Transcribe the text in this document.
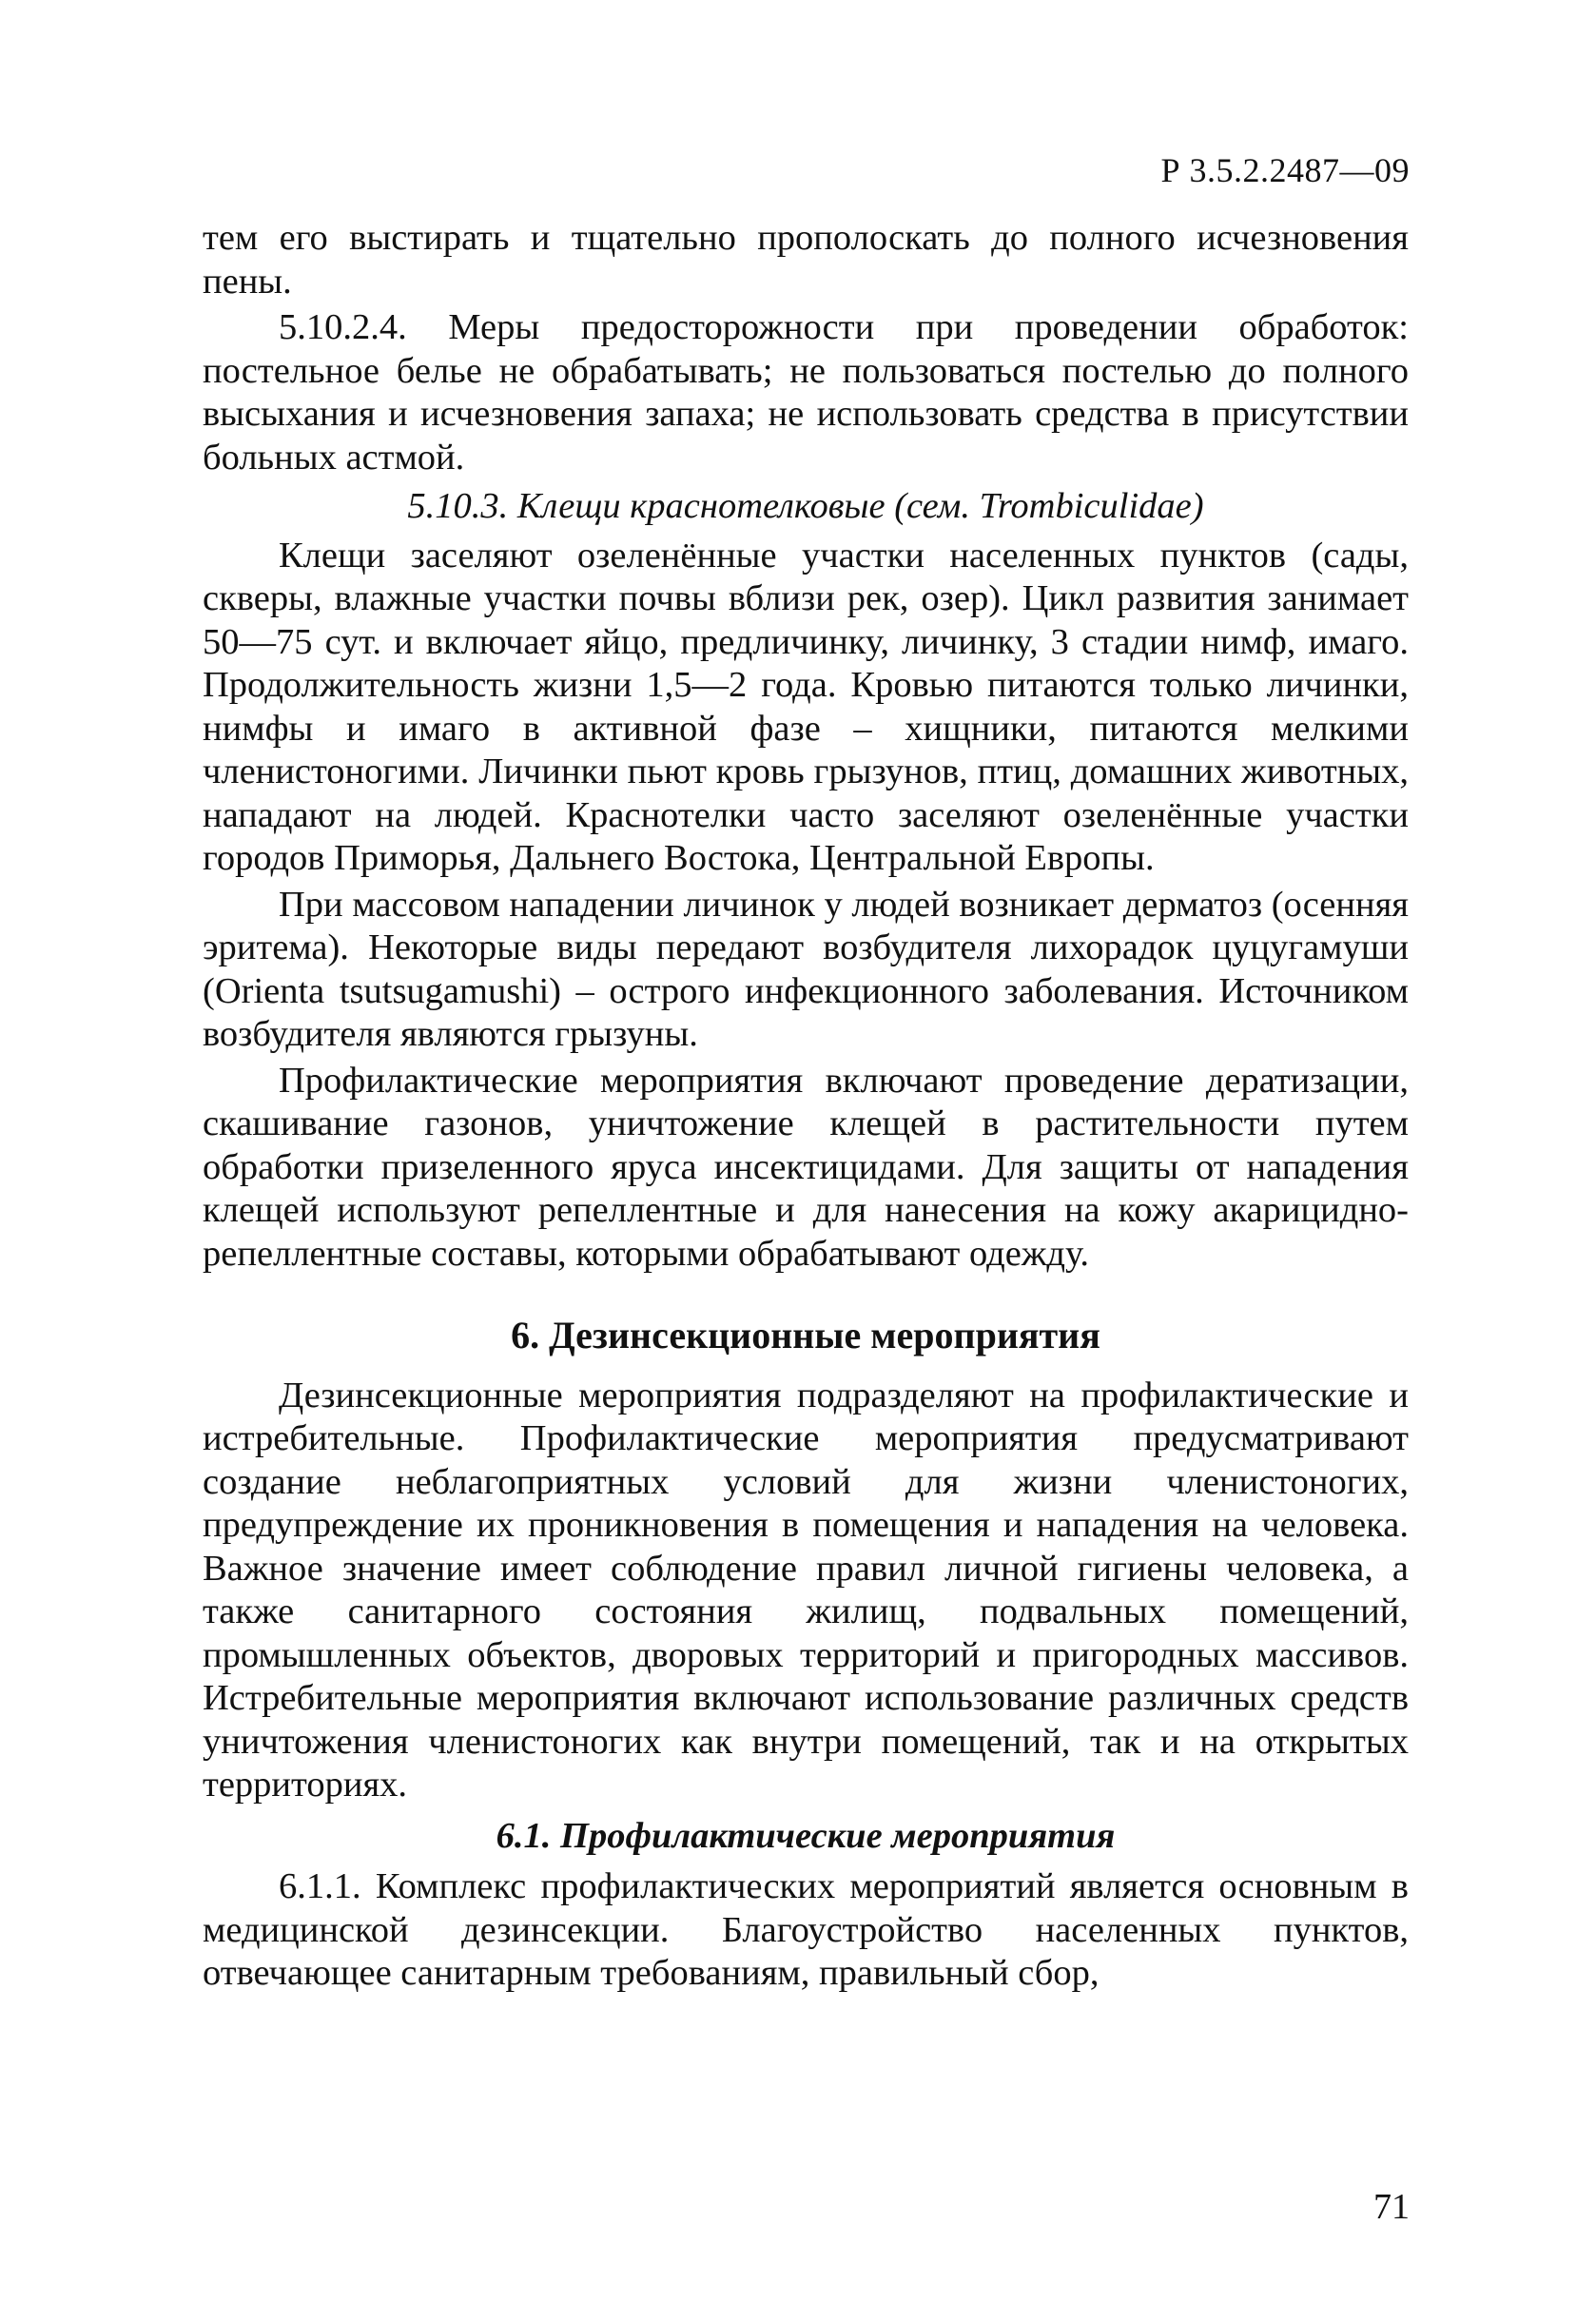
Р 3.5.2.2487—09

тем его выстирать и тщательно прополоскать до полного исчезновения пены.

5.10.2.4. Меры предосторожности при проведении обработок: постельное белье не обрабатывать; не пользоваться постелью до полного высыхания и исчезновения запаха; не использовать средства в присутствии больных астмой.

5.10.3. Клещи краснотелковые (сем. Trombiculidae)

Клещи заселяют озеленённые участки населенных пунктов (сады, скверы, влажные участки почвы вблизи рек, озер). Цикл развития занимает 50—75 сут. и включает яйцо, предличинку, личинку, 3 стадии нимф, имаго. Продолжительность жизни 1,5—2 года. Кровью питаются только личинки, нимфы и имаго в активной фазе – хищники, питаются мелкими членистоногими. Личинки пьют кровь грызунов, птиц, домашних животных, нападают на людей. Краснотелки часто заселяют озеленённые участки городов Приморья, Дальнего Востока, Центральной Европы.

При массовом нападении личинок у людей возникает дерматоз (осенняя эритема). Некоторые виды передают возбудителя лихорадок цуцугамуши (Orienta tsutsugamushi) – острого инфекционного заболевания. Источником возбудителя являются грызуны.

Профилактические мероприятия включают проведение дератизации, скашивание газонов, уничтожение клещей в растительности путем обработки призеленного яруса инсектицидами. Для защиты от нападения клещей используют репеллентные и для нанесения на кожу акарицидно-репеллентные составы, которыми обрабатывают одежду.

6. Дезинсекционные мероприятия

Дезинсекционные мероприятия подразделяют на профилактические и истребительные. Профилактические мероприятия предусматривают создание неблагоприятных условий для жизни членистоногих, предупреждение их проникновения в помещения и нападения на человека. Важное значение имеет соблюдение правил личной гигиены человека, а также санитарного состояния жилищ, подвальных помещений, промышленных объектов, дворовых территорий и пригородных массивов. Истребительные мероприятия включают использование различных средств уничтожения членистоногих как внутри помещений, так и на открытых территориях.

6.1. Профилактические мероприятия

6.1.1. Комплекс профилактических мероприятий является основным в медицинской дезинсекции. Благоустройство населенных пунктов, отвечающее санитарным требованиям, правильный сбор,

71
